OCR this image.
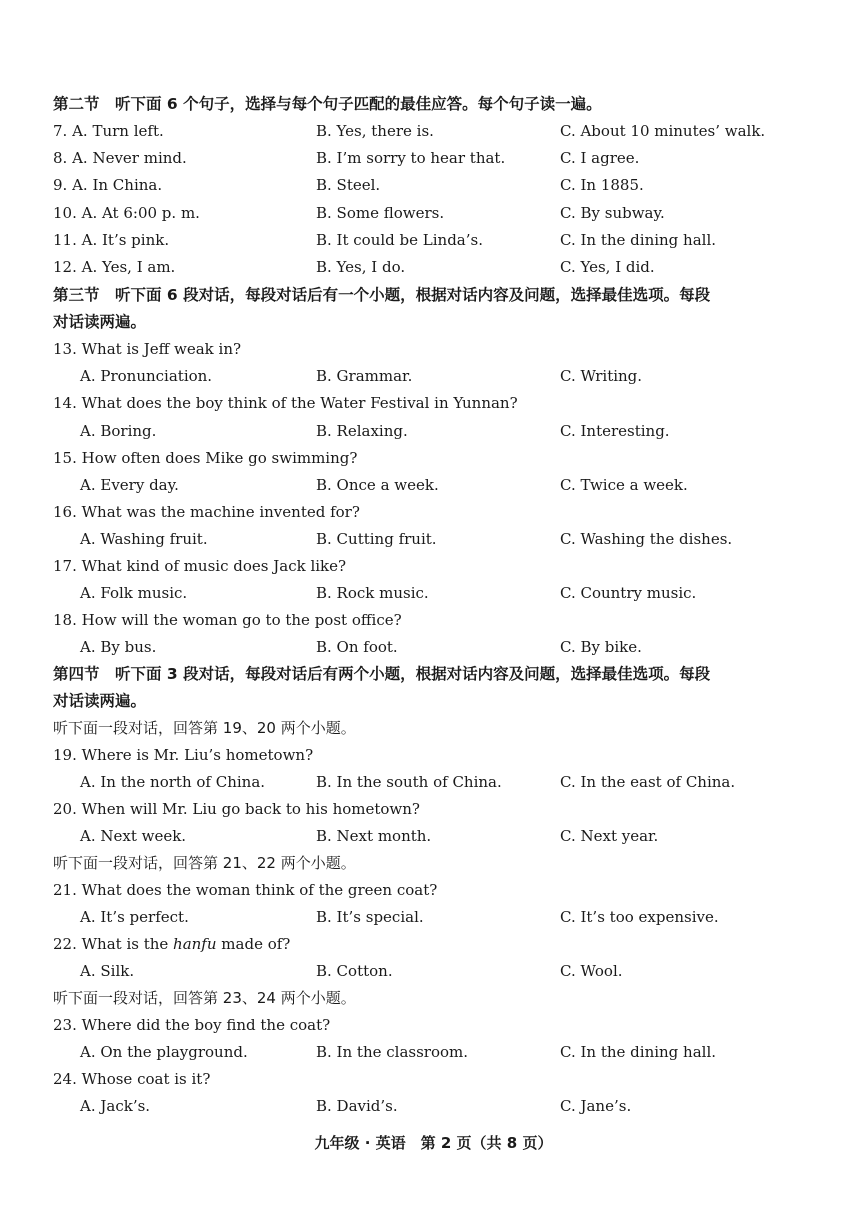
第二节　听下面 6 个句子，选择与每个句子匹配的最佳应答。每个句子读一遍。
7. A. Turn left.	B. Yes, there is.	C. About 10 minutes’ walk.
8. A. Never mind.	B. I’m sorry to hear that.	C. I agree.
9. A. In China.	B. Steel.	C. In 1885.
10. A. At 6:00 p. m.	B. Some flowers.	C. By subway.
11. A. It’s pink.	B. It could be Linda’s.	C. In the dining hall.
12. A. Yes, I am.	B. Yes, I do.	C. Yes, I did.
第三节　听下面 6 段对话，每段对话后有一个小题，根据对话内容及问题，选择最佳选项。每段
对话读两遍。
13. What is Jeff weak in?
A. Pronunciation.	B. Grammar.	C. Writing.
14. What does the boy think of the Water Festival in Yunnan?
A. Boring.	B. Relaxing.	C. Interesting.
15. How often does Mike go swimming?
A. Every day.	B. Once a week.	C. Twice a week.
16. What was the machine invented for?
A. Washing fruit.	B. Cutting fruit.	C. Washing the dishes.
17. What kind of music does Jack like?
A. Folk music.	B. Rock music.	C. Country music.
18. How will the woman go to the post office?
A. By bus.	B. On foot.	C. By bike.
第四节　听下面 3 段对话，每段对话后有两个小题，根据对话内容及问题，选择最佳选项。每段
对话读两遍。
听下面一段对话，回答第 19、20 两个小题。
19. Where is Mr. Liu’s hometown?
A. In the north of China.	B. In the south of China.	C. In the east of China.
20. When will Mr. Liu go back to his hometown?
A. Next week.	B. Next month.	C. Next year.
听下面一段对话，回答第 21、22 两个小题。
21. What does the woman think of the green coat?
A. It’s perfect.	B. It’s special.	C. It’s too expensive.
22. What is the hanfu made of?
A. Silk.	B. Cotton.	C. Wool.
听下面一段对话，回答第 23、24 两个小题。
23. Where did the boy find the coat?
A. On the playground.	B. In the classroom.	C. In the dining hall.
24. Whose coat is it?
A. Jack’s.	B. David’s.	C. Jane’s.
九年级 · 英语　第 2 页（共 8 页）
